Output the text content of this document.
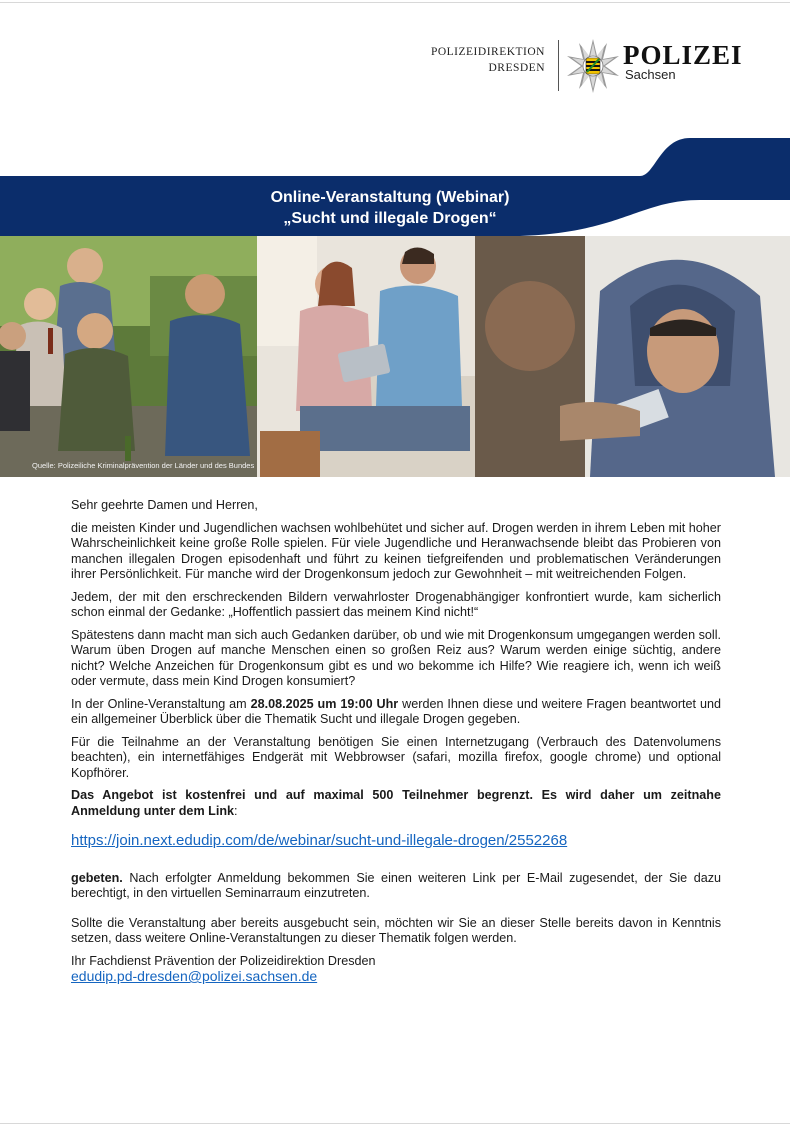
POLIZEIDIREKTION
DRESDEN	POLIZEI
Sachsen
Online-Veranstaltung (Webinar)
„Sucht und illegale Drogen“
Quelle: Polizeiliche Kriminalprävention der Länder und des Bundes

Sehr geehrte Damen und Herren,

die meisten Kinder und Jugendlichen wachsen wohlbehütet und sicher auf. Drogen werden in ihrem Leben mit hoher Wahrscheinlichkeit keine große Rolle spielen. Für viele Jugendliche und Heranwachsende bleibt das Probieren von manchen illegalen Drogen episodenhaft und führt zu keinen tiefgreifenden und problematischen Veränderungen ihrer Persönlichkeit. Für manche wird der Drogenkonsum jedoch zur Gewohnheit – mit weitreichenden Folgen.

Jedem, der mit den erschreckenden Bildern verwahrloster Drogenabhängiger konfrontiert wurde, kam sicherlich schon einmal der Gedanke: „Hoffentlich passiert das meinem Kind nicht!“

Spätestens dann macht man sich auch Gedanken darüber, ob und wie mit Drogenkonsum umgegangen werden soll. Warum üben Drogen auf manche Menschen einen so großen Reiz aus? Warum werden einige süchtig, andere nicht? Welche Anzeichen für Drogenkonsum gibt es und wo bekomme ich Hilfe? Wie reagiere ich, wenn ich weiß oder vermute, dass mein Kind Drogen konsumiert?

In der Online-Veranstaltung am 28.08.2025 um 19:00 Uhr werden Ihnen diese und weitere Fragen beantwortet und ein allgemeiner Überblick über die Thematik Sucht und illegale Drogen gegeben.

Für die Teilnahme an der Veranstaltung benötigen Sie einen Internetzugang (Verbrauch des Datenvolumens beachten), ein internetfähiges Endgerät mit Webbrowser (safari, mozilla firefox, google chrome) und optional Kopfhörer.

Das Angebot ist kostenfrei und auf maximal 500 Teilnehmer begrenzt. Es wird daher um zeitnahe Anmeldung unter dem Link:

https://join.next.edudip.com/de/webinar/sucht-und-illegale-drogen/2552268

gebeten. Nach erfolgter Anmeldung bekommen Sie einen weiteren Link per E-Mail zugesendet, der Sie dazu berechtigt, in den virtuellen Seminarraum einzutreten.

Sollte die Veranstaltung aber bereits ausgebucht sein, möchten wir Sie an dieser Stelle bereits davon in Kenntnis setzen, dass weitere Online-Veranstaltungen zu dieser Thematik folgen werden.

Ihr Fachdienst Prävention der Polizeidirektion Dresden

edudip.pd-dresden@polizei.sachsen.de
